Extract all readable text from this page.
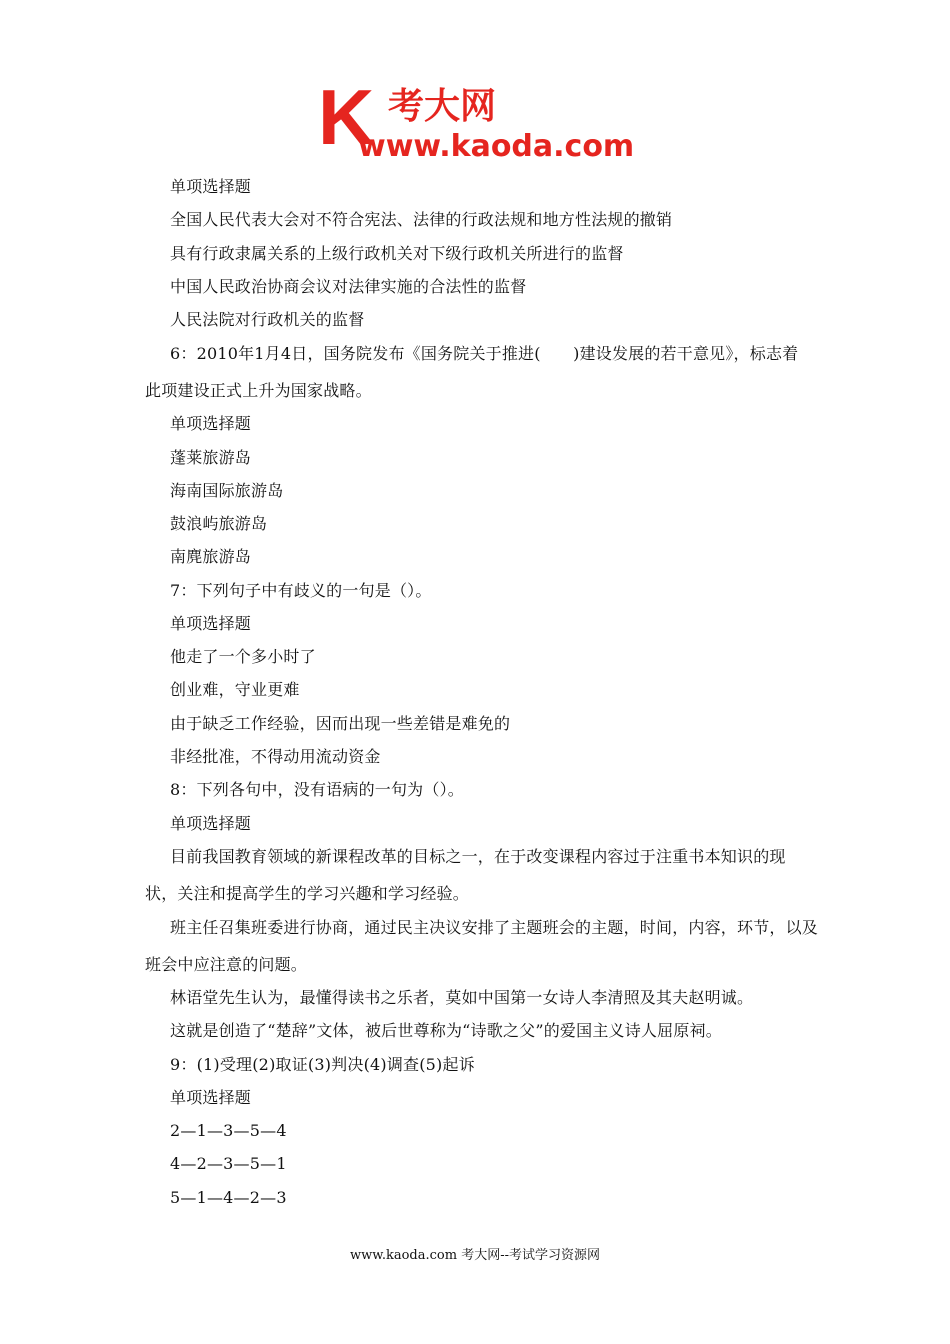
K 考大网
www.kaoda.com
单项选择题
全国人民代表大会对不符合宪法、法律的行政法规和地方性法规的撤销
具有行政隶属关系的上级行政机关对下级行政机关所进行的监督
中国人民政治协商会议对法律实施的合法性的监督
人民法院对行政机关的监督
6：2010年1月4日，国务院发布《国务院关于推进(　　)建设发展的若干意见》，标志着
此项建设正式上升为国家战略。
单项选择题
蓬莱旅游岛
海南国际旅游岛
鼓浪屿旅游岛
南麂旅游岛
7：下列句子中有歧义的一句是（）。
单项选择题
他走了一个多小时了
创业难，守业更难
由于缺乏工作经验，因而出现一些差错是难免的
非经批准，不得动用流动资金
8：下列各句中，没有语病的一句为（）。
单项选择题
目前我国教育领域的新课程改革的目标之一，在于改变课程内容过于注重书本知识的现
状，关注和提高学生的学习兴趣和学习经验。
班主任召集班委进行协商，通过民主决议安排了主题班会的主题，时间，内容，环节，以及
班会中应注意的问题。
林语堂先生认为，最懂得读书之乐者，莫如中国第一女诗人李清照及其夫赵明诚。
这就是创造了“楚辞”文体，被后世尊称为“诗歌之父”的爱国主义诗人屈原祠。
9：(1)受理(2)取证(3)判决(4)调查(5)起诉
单项选择题
2—1—3—5—4
4—2—3—5—1
5—1—4—2—3
www.kaoda.com 考大网--考试学习资源网
